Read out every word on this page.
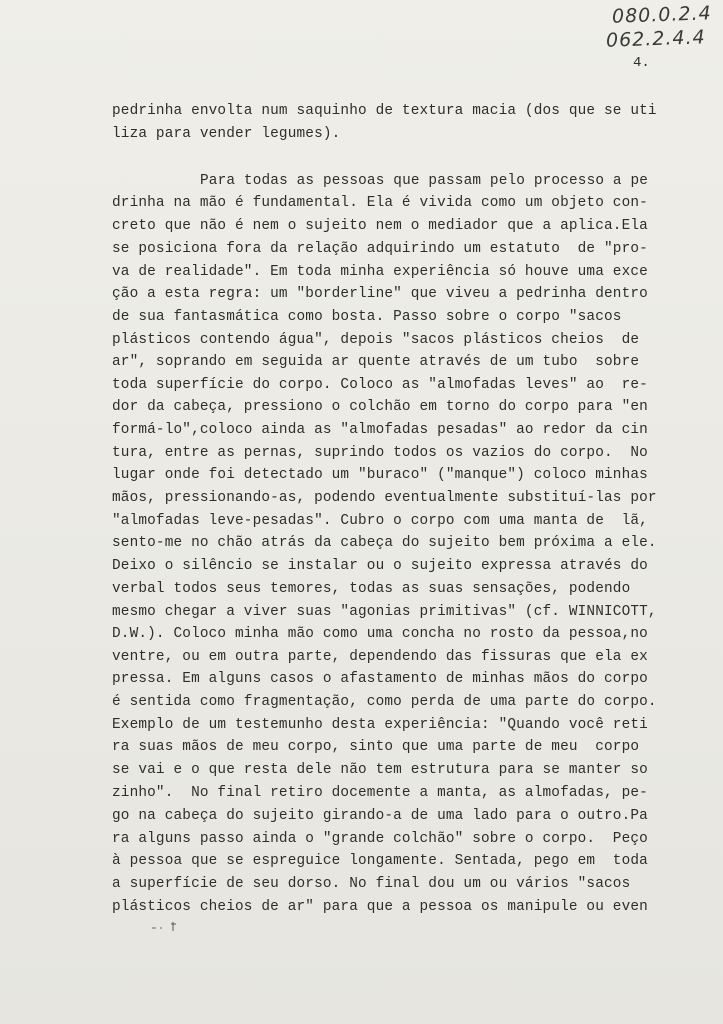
080.0.2.4
062.2.4.4
4.
pedrinha envolta num saquinho de textura macia (dos que se uti
liza para vender legumes).
Para todas as pessoas que passam pelo processo a pe
drinha na mão é fundamental. Ela é vivida como um objeto con-
creto que não é nem o sujeito nem o mediador que a aplica.Ela
se posiciona fora da relação adquirindo um estatuto  de "pro-
va de realidade". Em toda minha experiência só houve uma exce
ção a esta regra: um "borderline" que viveu a pedrinha dentro
de sua fantasmática como bosta. Passo sobre o corpo "sacos
plásticos contendo água", depois "sacos plásticos cheios  de
ar", soprando em seguida ar quente através de um tubo  sobre
toda superfície do corpo. Coloco as "almofadas leves" ao  re-
dor da cabeça, pressiono o colchão em torno do corpo para "en
formá-lo",coloco ainda as "almofadas pesadas" ao redor da cin
tura, entre as pernas, suprindo todos os vazios do corpo.  No
lugar onde foi detectado um "buraco" ("manque") coloco minhas
mãos, pressionando-as, podendo eventualmente substituí-las por
"almofadas leve-pesadas". Cubro o corpo com uma manta de  lã,
sento-me no chão atrás da cabeça do sujeito bem próxima a ele.
Deixo o silêncio se instalar ou o sujeito expressa através do
verbal todos seus temores, todas as suas sensações, podendo
mesmo chegar a viver suas "agonias primitivas" (cf. WINNICOTT,
D.W.). Coloco minha mão como uma concha no rosto da pessoa,no
ventre, ou em outra parte, dependendo das fissuras que ela ex
pressa. Em alguns casos o afastamento de minhas mãos do corpo
é sentida como fragmentação, como perda de uma parte do corpo.
Exemplo de um testemunho desta experiência: "Quando você reti
ra suas mãos de meu corpo, sinto que uma parte de meu  corpo
se vai e o que resta dele não tem estrutura para se manter so
zinho".  No final retiro docemente a manta, as almofadas, pe-
go na cabeça do sujeito girando-a de uma lado para o outro.Pa
ra alguns passo ainda o "grande colchão" sobre o corpo.  Peço
à pessoa que se espreguice longamente. Sentada, pego em  toda
a superfície de seu dorso. No final dou um ou vários "sacos
plásticos cheios de ar" para que a pessoa os manipule ou even
